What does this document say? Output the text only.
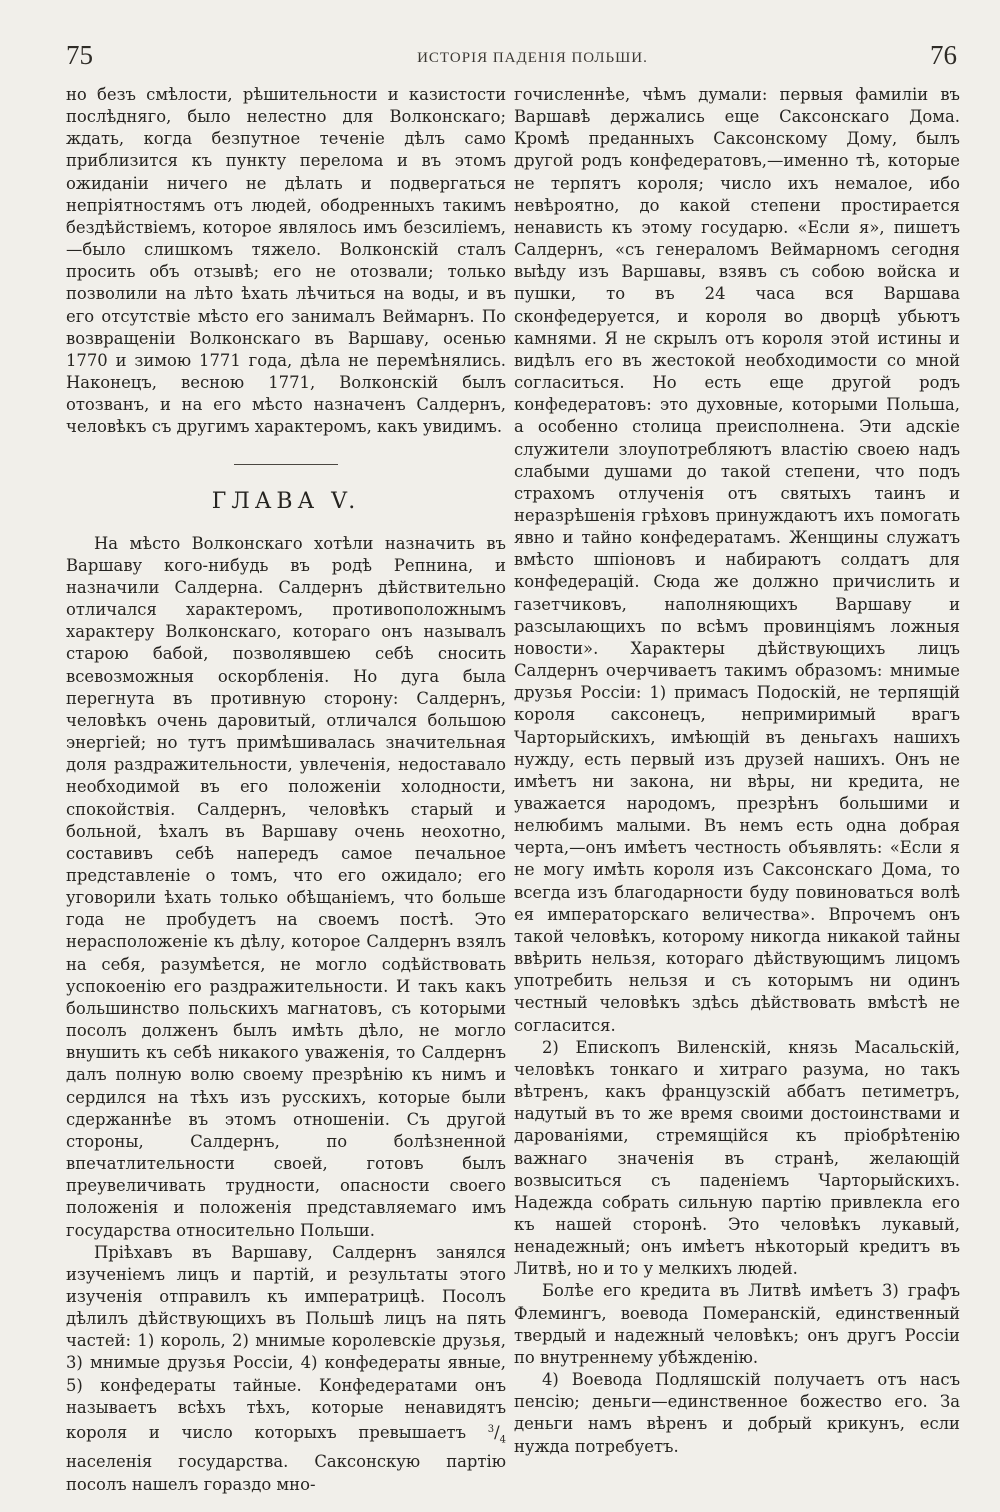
75	ИСТОРІЯ ПАДЕНІЯ ПОЛЬШИ.	76

но безъ смѣлости, рѣшительности и казистости послѣдняго, было нелестно для Волконскаго; ждать, когда безпутное теченіе дѣлъ само приблизится къ пункту перелома и въ этомъ ожиданіи ничего не дѣлать и подвергаться непріятностямъ отъ людей, ободренныхъ такимъ бездѣйствіемъ, которое являлось имъ безсиліемъ,—было слишкомъ тяжело. Волконскій сталъ просить объ отзывѣ; его не отозвали; только позволили на лѣто ѣхать лѣчиться на воды, и въ его отсутствіе мѣсто его занималъ Веймарнъ. По возвращеніи Волконскаго въ Варшаву, осенью 1770 и зимою 1771 года, дѣла не перемѣнялись. Наконецъ, весною 1771, Волконскій былъ отозванъ, и на его мѣсто назначенъ Салдернъ, человѣкъ съ другимъ характеромъ, какъ увидимъ.

ГЛАВА V.

На мѣсто Волконскаго хотѣли назначить въ Варшаву кого-нибудь въ родѣ Репнина, и назначили Салдерна. Салдернъ дѣйствительно отличался характеромъ, противоположнымъ характеру Волконскаго, котораго онъ называлъ старою бабой, позволявшею себѣ сносить всевозможныя оскорбленія. Но дуга была перегнута въ противную сторону: Салдернъ, человѣкъ очень даровитый, отличался большою энергіей; но тутъ примѣшивалась значительная доля раздражительности, увлеченія, недоставало необходимой въ его положеніи холодности, спокойствія. Салдернъ, человѣкъ старый и больной, ѣхалъ въ Варшаву очень неохотно, составивъ себѣ напередъ самое печальное представленіе о томъ, что его ожидало; его уговорили ѣхать только обѣщаніемъ, что больше года не пробудетъ на своемъ постѣ. Это нерасположеніе къ дѣлу, которое Салдернъ взялъ на себя, разумѣется, не могло содѣйствовать успокоенію его раздражительности. И такъ какъ большинство польскихъ магнатовъ, съ которыми посолъ долженъ былъ имѣть дѣло, не могло внушить къ себѣ никакого уваженія, то Салдернъ далъ полную волю своему презрѣнію къ нимъ и сердился на тѣхъ изъ русскихъ, которые были сдержаннѣе въ этомъ отношеніи. Съ другой стороны, Салдернъ, по болѣзненной впечатлительности своей, готовъ былъ преувеличивать трудности, опасности своего положенія и положенія представляемаго имъ государства относительно Польши.

Пріѣхавъ въ Варшаву, Салдернъ занялся изученіемъ лицъ и партій, и результаты этого изученія отправилъ къ императрицѣ. Посолъ дѣлилъ дѣйствующихъ въ Польшѣ лицъ на пять частей: 1) король, 2) мнимые королевскіе друзья, 3) мнимые друзья Россіи, 4) конфедераты явные, 5) конфедераты тайные. Конфедератами онъ называетъ всѣхъ тѣхъ, которые ненавидятъ короля и число которыхъ превышаетъ $^3/_4$ населенія государства. Саксонскую партію посолъ нашелъ гораздо мно-

гочисленнѣе, чѣмъ думали: первыя фамиліи въ Варшавѣ держались еще Саксонскаго Дома. Кромѣ преданныхъ Саксонскому Дому, былъ другой родъ конфедератовъ,—именно тѣ, которые не терпятъ короля; число ихъ немалое, ибо невѣроятно, до какой степени простирается ненависть къ этому государю. «Если я», пишетъ Салдернъ, «съ генераломъ Веймарномъ сегодня выѣду изъ Варшавы, взявъ съ собою войска и пушки, то въ 24 часа вся Варшава сконфедеруется, и короля во дворцѣ убьютъ камнями. Я не скрылъ отъ короля этой истины и видѣлъ его въ жестокой необходимости со мной согласиться. Но есть еще другой родъ конфедератовъ: это духовные, которыми Польша, а особенно столица преисполнена. Эти адскіе служители злоупотребляютъ властію своею надъ слабыми душами до такой степени, что подъ страхомъ отлученія отъ святыхъ таинъ и неразрѣшенія грѣховъ принуждаютъ ихъ помогать явно и тайно конфедератамъ. Женщины служатъ вмѣсто шпіоновъ и набираютъ солдатъ для конфедерацій. Сюда же должно причислить и газетчиковъ, наполняющихъ Варшаву и разсылающихъ по всѣмъ провинціямъ ложныя новости». Характеры дѣйствующихъ лицъ Салдернъ очерчиваетъ такимъ образомъ: мнимые друзья Россіи: 1) примасъ Подоскій, не терпящій короля саксонецъ, непримиримый врагъ Чарторыйскихъ, имѣющій въ деньгахъ нашихъ нужду, есть первый изъ друзей нашихъ. Онъ не имѣетъ ни закона, ни вѣры, ни кредита, не уважается народомъ, презрѣнъ большими и нелюбимъ малыми. Въ немъ есть одна добрая черта,—онъ имѣетъ честность объявлять: «Если я не могу имѣть короля изъ Саксонскаго Дома, то всегда изъ благодарности буду повиноваться волѣ ея императорскаго величества». Впрочемъ онъ такой человѣкъ, которому никогда никакой тайны ввѣрить нельзя, котораго дѣйствующимъ лицомъ употребить нельзя и съ которымъ ни одинъ честный человѣкъ здѣсь дѣйствовать вмѣстѣ не согласится.

2) Епископъ Виленскій, князь Масальскій, человѣкъ тонкаго и хитраго разума, но такъ вѣтренъ, какъ французскій аббатъ петиметръ, надутый въ то же время своими достоинствами и дарованіями, стремящійся къ пріобрѣтенію важнаго значенія въ странѣ, желающій возвыситься съ паденіемъ Чарторыйскихъ. Надежда собрать сильную партію привлекла его къ нашей сторонѣ. Это человѣкъ лукавый, ненадежный; онъ имѣетъ нѣкоторый кредитъ въ Литвѣ, но и то у мелкихъ людей.

Болѣе его кредита въ Литвѣ имѣетъ 3) графъ Флемингъ, воевода Померанскій, единственный твердый и надежный человѣкъ; онъ другъ Россіи по внутреннему убѣжденію.

4) Воевода Подляшскій получаетъ отъ насъ пенсію; деньги—единственное божество его. За деньги намъ вѣренъ и добрый крикунъ, если нужда потребуетъ.
